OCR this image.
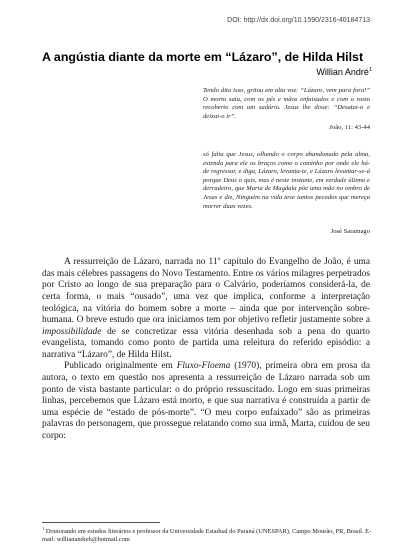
DOI: http://dx.doi.org/10.1590/2316-40184713
A angústia diante da morte em “Lázaro”, de Hilda Hilst
Willian André$^1$
Tendo dito isso, gritou em alta voz: “Lázaro, vem para fora!” O morto saiu, com os pés e mãos enfaixados e com o rosto recoberto com um sudário. Jesus lhe disse: “Desatai-o e deixai-o ir”.
João, 11: 43-44
só falta que Jesus, olhando o corpo abandonado pela alma, estenda para ele os braços como o caminho por onde ele há-de regressar, e diga, Lázaro, levanta-te, e Lázaro levantar-se-á porque Deus o quis, mas é neste instante, em verdade último e derradeiro, que Maria de Magdala põe uma mão no ombro de Jesus e diz, Ninguém na vida teve tantos pecados que mereça morrer duas vezes.
José Saramago

A ressurreição de Lázaro, narrada no 11$^o$ capítulo do Evangelho de João, é uma das mais célebres passagens do Novo Testamento. Entre os vários milagres perpetrados por Cristo ao longo de sua preparação para o Calvário, poderíamos considerá-la, de certa forma, o mais “ousado”, uma vez que implica, conforme a interpretação teológica, na vitória do homem sobre a morte – ainda que por intervenção sobre-humana. O breve estudo que ora iniciamos tem por objetivo refletir justamente sobre a impossibilidade de se concretizar essa vitória desenhada sob a pena do quarto evangelista, tomando como ponto de partida uma releitura do referido episódio: a narrativa “Lázaro”, de Hilda Hilst.

Publicado originalmente em Fluxo-Floema (1970), primeira obra em prosa da autora, o texto em questão nos apresenta a ressurreição de Lázaro narrada sob um ponto de vista bastante particular: o do próprio ressuscitado. Logo em suas primeiras linhas, percebemos que Lázaro está morto, e que sua narrativa é construída a partir de uma espécie de “estado de pós-morte”. “O meu corpo enfaixado” são as primeiras palavras do personagem, que prossegue relatando como sua irmã, Marta, cuidou de seu corpo:

$^1$ Doutorando em estudos literários e professor da Universidade Estadual do Paraná (UNESPAR), Campo Mourão, PR, Brasil. E-mail: willianandreh@hotmail.com
